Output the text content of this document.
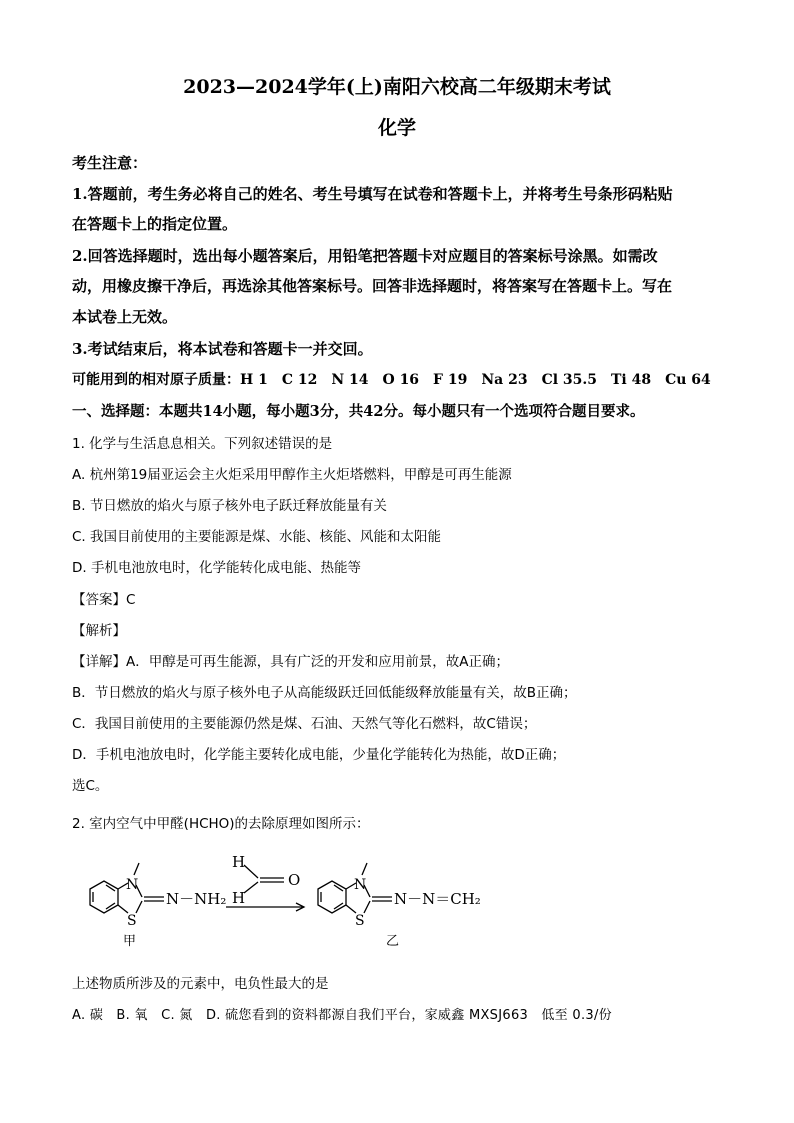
2023—2024学年(上)南阳六校高二年级期末考试
化学
考生注意：
1.答题前，考生务必将自己的姓名、考生号填写在试卷和答题卡上，并将考生号条形码粘贴
在答题卡上的指定位置。
2.回答选择题时，选出每小题答案后，用铅笔把答题卡对应题目的答案标号涂黑。如需改
动，用橡皮擦干净后，再选涂其他答案标号。回答非选择题时，将答案写在答题卡上。写在
本试卷上无效。
3.考试结束后，将本试卷和答题卡一并交回。
可能用到的相对原子质量：H 1　C 12　N 14　O 16　F 19　Na 23　Cl 35.5　Ti 48　Cu 64
一、选择题：本题共14小题，每小题3分，共42分。每小题只有一个选项符合题目要求。
1. 化学与生活息息相关。下列叙述错误的是
A. 杭州第19届亚运会主火炬采用甲醇作主火炬塔燃料，甲醇是可再生能源
B. 节日燃放的焰火与原子核外电子跃迁释放能量有关
C. 我国目前使用的主要能源是煤、水能、核能、风能和太阳能
D. 手机电池放电时，化学能转化成电能、热能等
【答案】C
【解析】
【详解】A．甲醇是可再生能源，具有广泛的开发和应用前景，故A正确；
B．节日燃放的焰火与原子核外电子从高能级跃迁回低能级释放能量有关，故B正确；
C．我国目前使用的主要能源仍然是煤、石油、天然气等化石燃料，故C错误；
D．手机电池放电时，化学能主要转化成电能，少量化学能转化为热能，故D正确；
选C。
2. 室内空气中甲醛(HCHO)的去除原理如图所示：
N
S
N－NH₂
甲
H
H
O	N
S
N－N＝CH₂
乙
上述物质所涉及的元素中，电负性最大的是
A. 碳　B. 氧　C. 氮　D. 硫您看到的资料都源自我们平台，家威鑫 MXSJ663　低至 0.3/份
